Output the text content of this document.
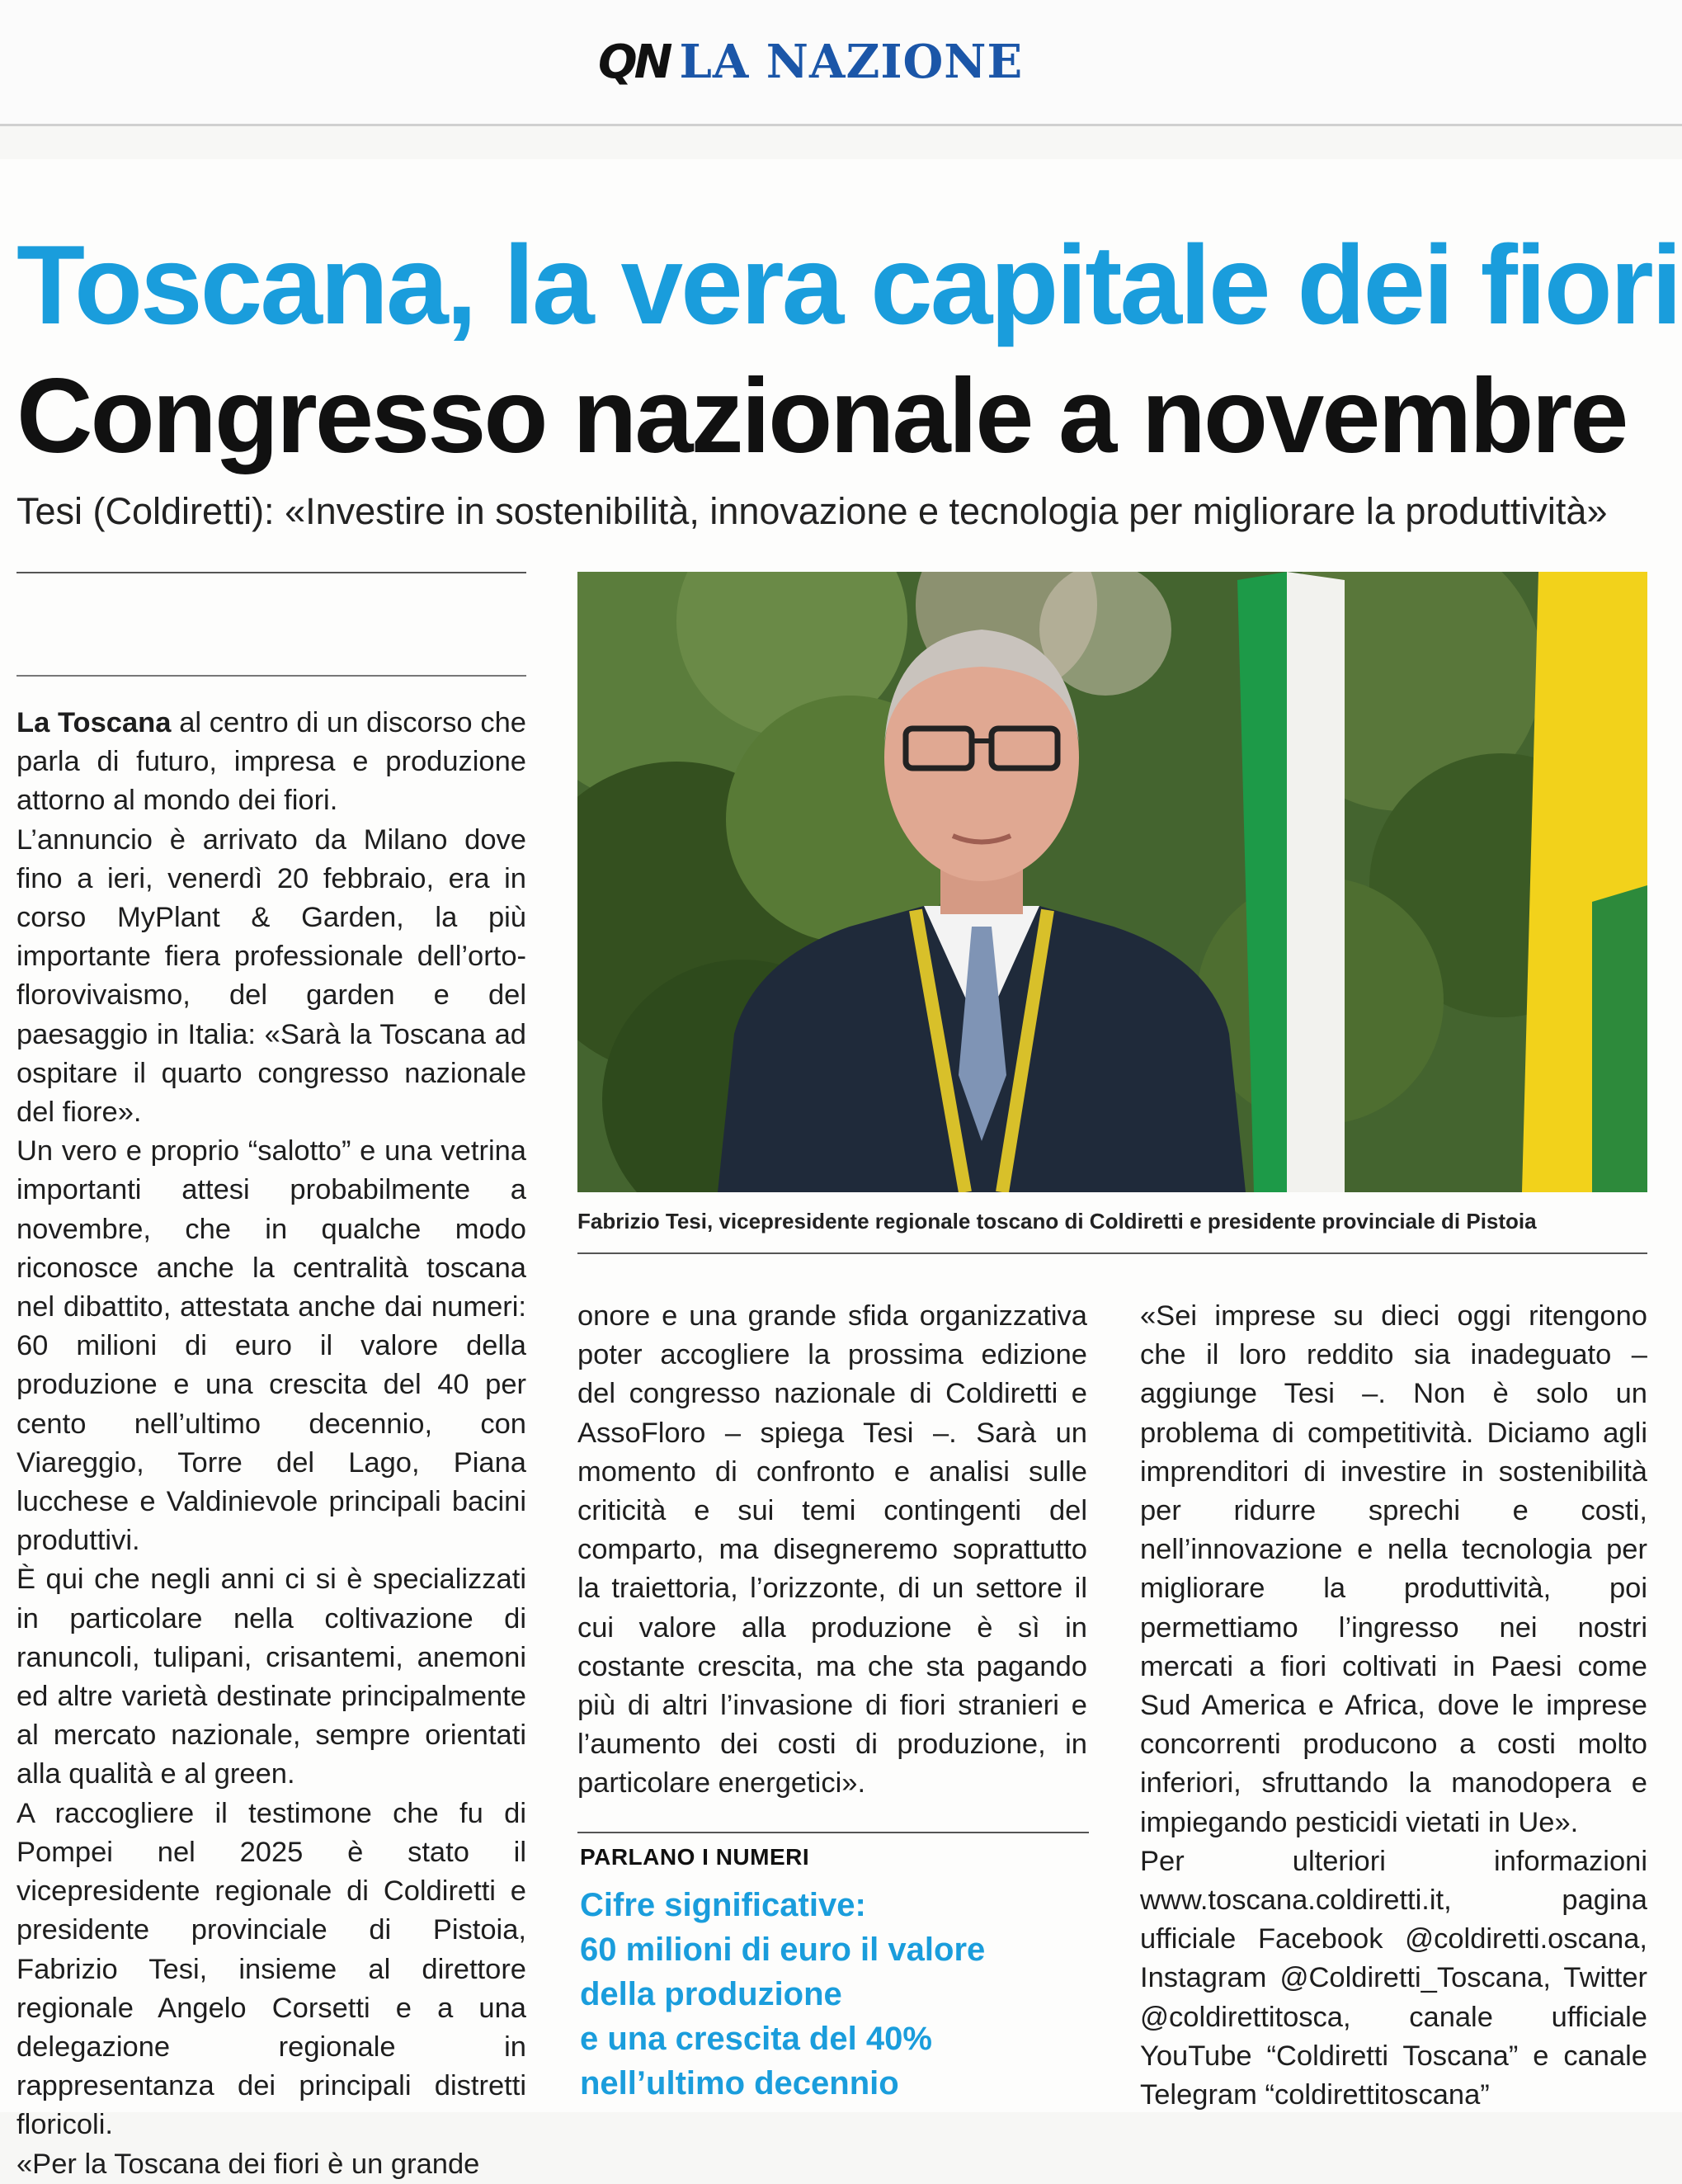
QN LA NAZIONE
Toscana, la vera capitale dei fiori
Congresso nazionale a novembre
Tesi (Coldiretti): «Investire in sostenibilità, innovazione e tecnologia per migliorare la produttività»
Fabrizio Tesi, vicepresidente regionale toscano di Coldiretti e presidente provinciale di Pistoia

La Toscana al centro di un discorso che parla di futuro, impresa e produzione attorno al mondo dei fiori.

L’annuncio è arrivato da Milano dove fino a ieri, venerdì 20 febbraio, era in corso MyPlant & Garden, la più importante fiera professionale dell’orto-florovivaismo, del garden e del paesaggio in Italia: «Sarà la Toscana ad ospitare il quarto congresso nazionale del fiore».

Un vero e proprio “salotto” e una vetrina importanti attesi probabilmente a novembre, che in qualche modo riconosce anche la centralità toscana nel dibattito, attestata anche dai numeri: 60 milioni di euro il valore della produzione e una crescita del 40 per cento nell’ultimo decennio, con Viareggio, Torre del Lago, Piana lucchese e Valdinievole principali bacini produttivi.

È qui che negli anni ci si è specializzati in particolare nella coltivazione di ranuncoli, tulipani, crisantemi, anemoni ed altre varietà destinate principalmente al mercato nazionale, sempre orientati alla qualità e al green.

A raccogliere il testimone che fu di Pompei nel 2025 è stato il vicepresidente regionale di Coldiretti e presidente provinciale di Pistoia, Fabrizio Tesi, insieme al direttore regionale Angelo Corsetti e a una delegazione regionale in rappresentanza dei principali distretti floricoli.

«Per la Toscana dei fiori è un grande

onore e una grande sfida organizzativa poter accogliere la prossima edizione del congresso nazionale di Coldiretti e AssoFloro – spiega Tesi –. Sarà un momento di confronto e analisi sulle criticità e sui temi contingenti del comparto, ma disegneremo soprattutto la traiettoria, l’orizzonte, di un settore il cui valore alla produzione è sì in costante crescita, ma che sta pagando più di altri l’invasione di fiori stranieri e l’aumento dei costi di produzione, in particolare energetici».

«Sei imprese su dieci oggi ritengono che il loro reddito sia inadeguato – aggiunge Tesi –. Non è solo un problema di competitività. Diciamo agli imprenditori di investire in sostenibilità per ridurre sprechi e costi, nell’innovazione e nella tecnologia per migliorare la produttività, poi permettiamo l’ingresso nei nostri mercati a fiori coltivati in Paesi come Sud America e Africa, dove le imprese concorrenti producono a costi molto inferiori, sfruttando la manodopera e impiegando pesticidi vietati in Ue».

Per ulteriori informazioni www.toscana.coldiretti.it, pagina ufficiale Facebook @coldiretti.oscana, Instagram @Coldiretti_Toscana, Twitter @coldirettitosca, canale ufficiale YouTube “Coldiretti Toscana” e canale Telegram “coldirettitoscana”

PARLANO I NUMERI
Cifre significative:
60 milioni di euro il valore
della produzione
e una crescita del 40%
nell’ultimo decennio
